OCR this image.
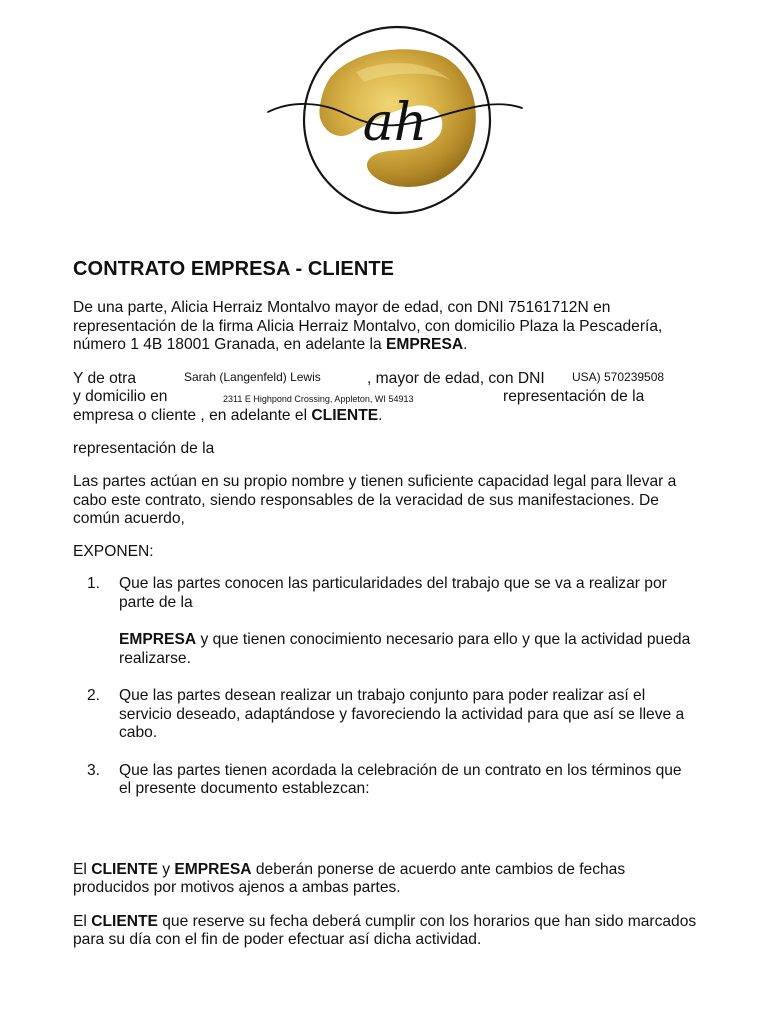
ah
CONTRATO EMPRESA - CLIENTE

De una parte, Alicia Herraiz Montalvo mayor de edad, con DNI 75161712N en representación de la firma Alicia Herraiz Montalvo, con domicilio Plaza la Pescadería, número 1 4B 18001 Granada, en adelante la EMPRESA.

Y de otra	Sarah (Langenfeld) Lewis	, mayor de edad, con DNI USA) 570239508
y domicilio en	2311 E Highpond Crossing, Appleton, WI 54913	representación de la
empresa o cliente , en adelante el CLIENTE.

representación de la

Las partes actúan en su propio nombre y tienen suficiente capacidad legal para llevar a cabo este contrato, siendo responsables de la veracidad de sus manifestaciones. De común acuerdo,

EXPONEN:

1. Que las partes conocen las particularidades del trabajo que se va a realizar por parte de la

EMPRESA y que tienen conocimiento necesario para ello y que la actividad pueda realizarse.

2. Que las partes desean realizar un trabajo conjunto para poder realizar así el servicio deseado, adaptándose y favoreciendo la actividad para que así se lleve a cabo.

3. Que las partes tienen acordada la celebración de un contrato en los términos que el presente documento establezcan:

El CLIENTE y EMPRESA deberán ponerse de acuerdo ante cambios de fechas producidos por motivos ajenos a ambas partes.

El CLIENTE que reserve su fecha deberá cumplir con los horarios que han sido marcados para su día con el fin de poder efectuar así dicha actividad.
